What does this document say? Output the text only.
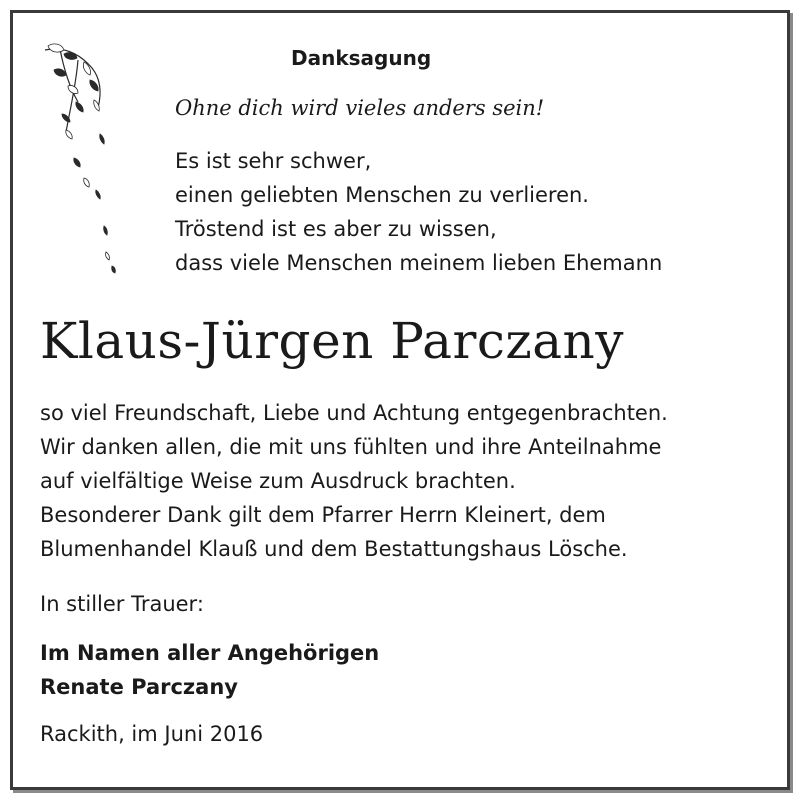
Danksagung
Ohne dich wird vieles anders sein!
Es ist sehr schwer,
einen geliebten Menschen zu verlieren.
Tröstend ist es aber zu wissen,
dass viele Menschen meinem lieben Ehemann
Klaus-Jürgen Parczany
so viel Freundschaft, Liebe und Achtung entgegenbrachten.
Wir danken allen, die mit uns fühlten und ihre Anteilnahme
auf vielfältige Weise zum Ausdruck brachten.
Besonderer Dank gilt dem Pfarrer Herrn Kleinert, dem
Blumenhandel Klauß und dem Bestattungshaus Lösche.
In stiller Trauer:
Im Namen aller Angehörigen
Renate Parczany
Rackith, im Juni 2016
